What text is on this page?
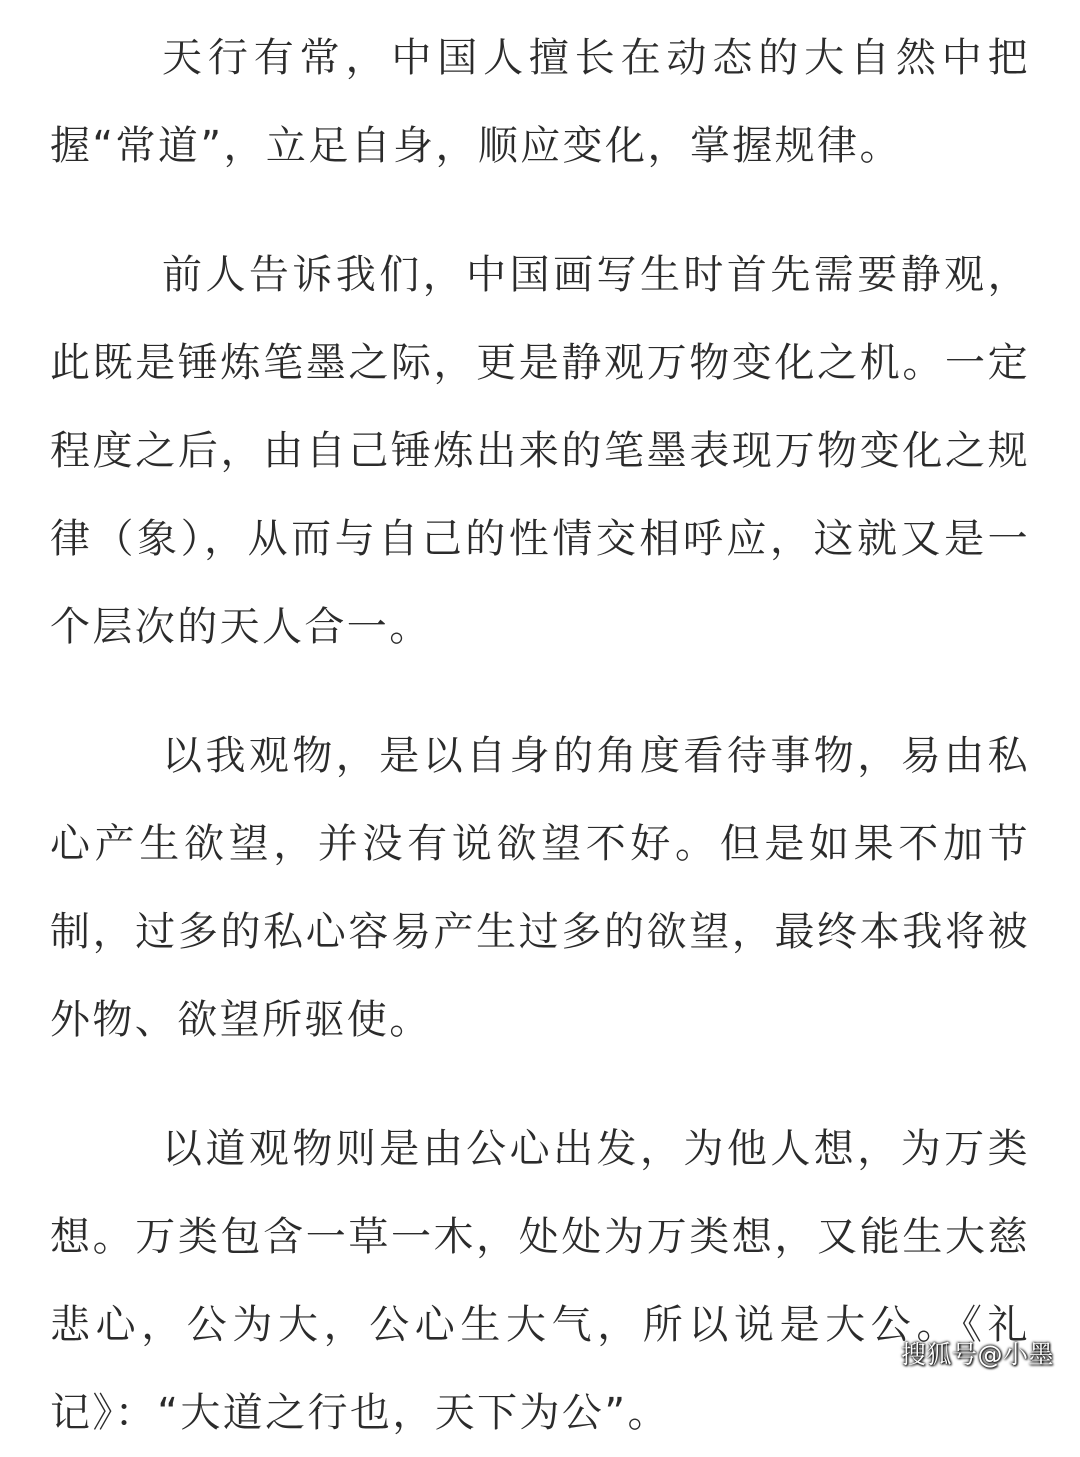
天行有常，中国人擅长在动态的大自然中把握“常道”，立足自身，顺应变化，掌握规律。

前人告诉我们，中国画写生时首先需要静观，此既是锤炼笔墨之际，更是静观万物变化之机。一定程度之后，由自己锤炼出来的笔墨表现万物变化之规律（象），从而与自己的性情交相呼应，这就又是一个层次的天人合一。

以我观物，是以自身的角度看待事物，易由私心产生欲望，并没有说欲望不好。但是如果不加节制，过多的私心容易产生过多的欲望，最终本我将被外物、欲望所驱使。

以道观物则是由公心出发，为他人想，为万类想。万类包含一草一木，处处为万类想，又能生大慈悲心，公为大，公心生大气，所以说是大公。《礼记》：“大道之行也，天下为公”。

搜狐号@小墨
